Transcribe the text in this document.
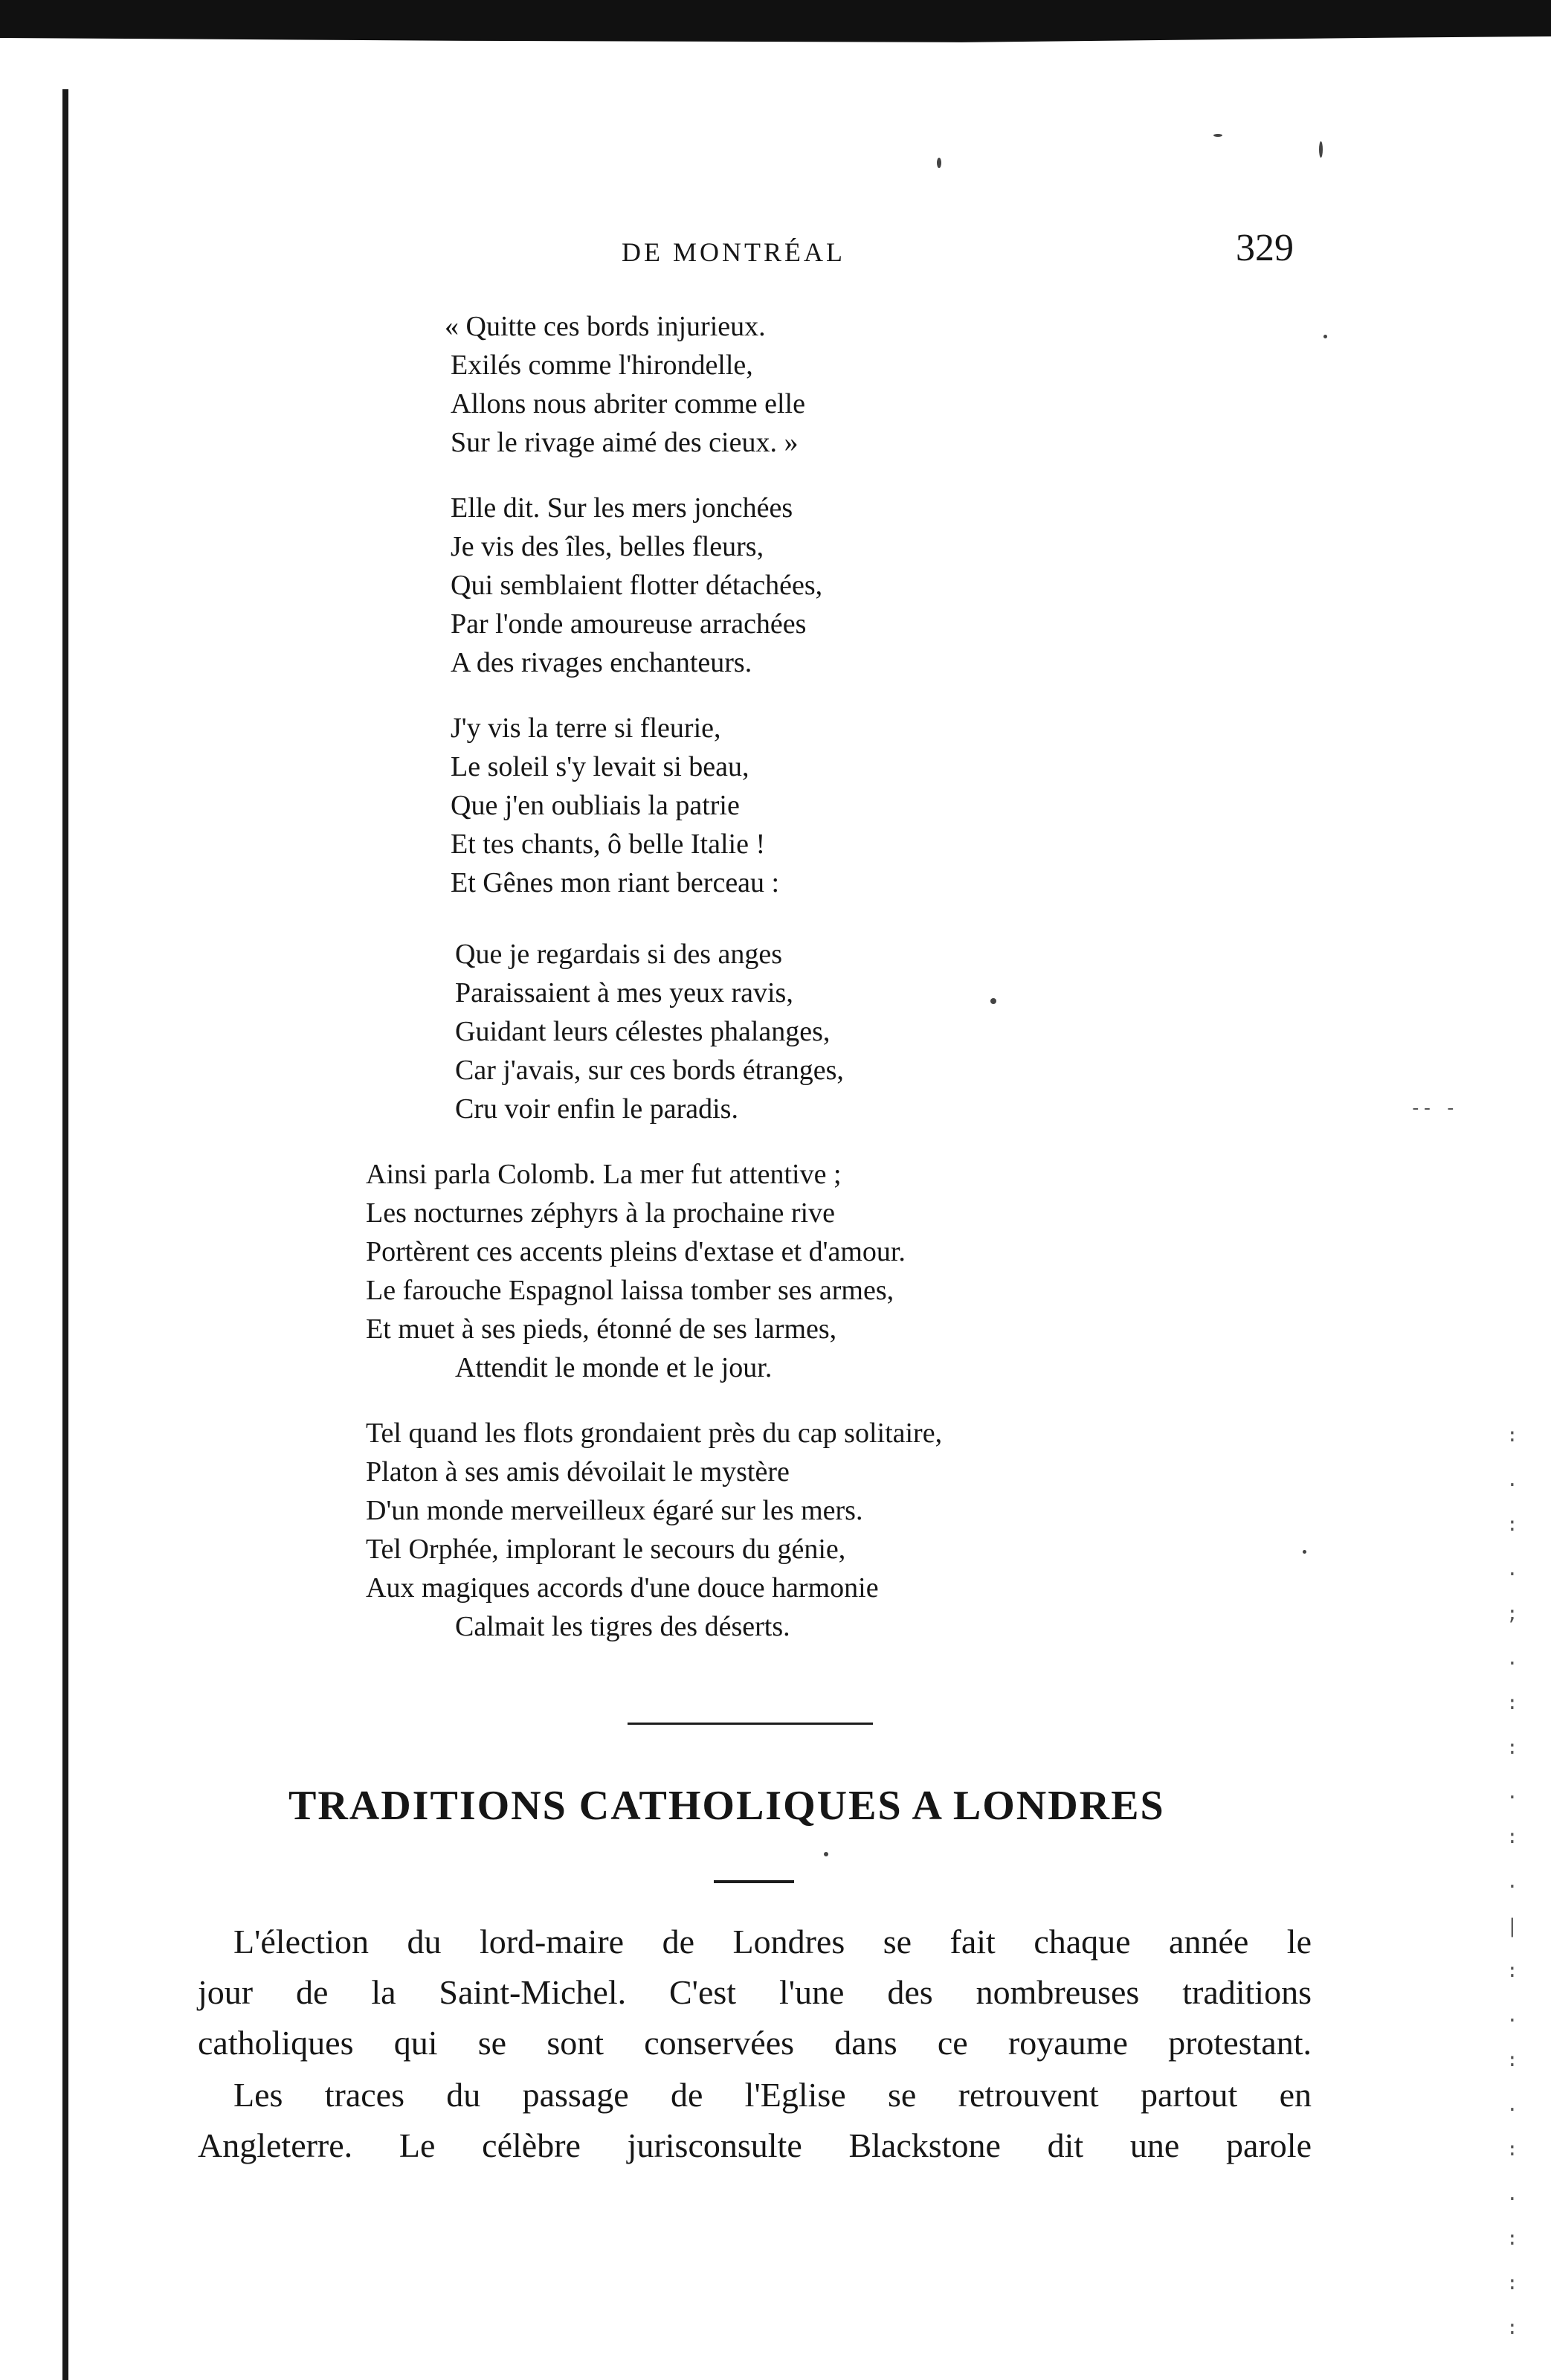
-- -
:
.
:
.
;
.
:
:
.
:
.
|
:
.
:
.
:
.
:
:
:
DE MONTRÉAL	329
« Quitte ces bords injurieux.
Exilés comme l'hirondelle,
Allons nous abriter comme elle
Sur le rivage aimé des cieux. »
Elle dit. Sur les mers jonchées
Je vis des îles, belles fleurs,
Qui semblaient flotter détachées,
Par l'onde amoureuse arrachées
A des rivages enchanteurs.
J'y vis la terre si fleurie,
Le soleil s'y levait si beau,
Que j'en oubliais la patrie
Et tes chants, ô belle Italie !
Et Gênes mon riant berceau :
Que je regardais si des anges
Paraissaient à mes yeux ravis,
Guidant leurs célestes phalanges,
Car j'avais, sur ces bords étranges,
Cru voir enfin le paradis.
Ainsi parla Colomb. La mer fut attentive ;
Les nocturnes zéphyrs à la prochaine rive
Portèrent ces accents pleins d'extase et d'amour.
Le farouche Espagnol laissa tomber ses armes,
Et muet à ses pieds, étonné de ses larmes,
Attendit le monde et le jour.
Tel quand les flots grondaient près du cap solitaire,
Platon à ses amis dévoilait le mystère
D'un monde merveilleux égaré sur les mers.
Tel Orphée, implorant le secours du génie,
Aux magiques accords d'une douce harmonie
Calmait les tigres des déserts.
TRADITIONS CATHOLIQUES A LONDRES
L'élection du lord-maire de Londres se fait chaque année le
jour de la Saint-Michel. C'est l'une des nombreuses traditions
catholiques qui se sont conservées dans ce royaume protestant.
Les traces du passage de l'Eglise se retrouvent partout en
Angleterre. Le célèbre jurisconsulte Blackstone dit une parole
